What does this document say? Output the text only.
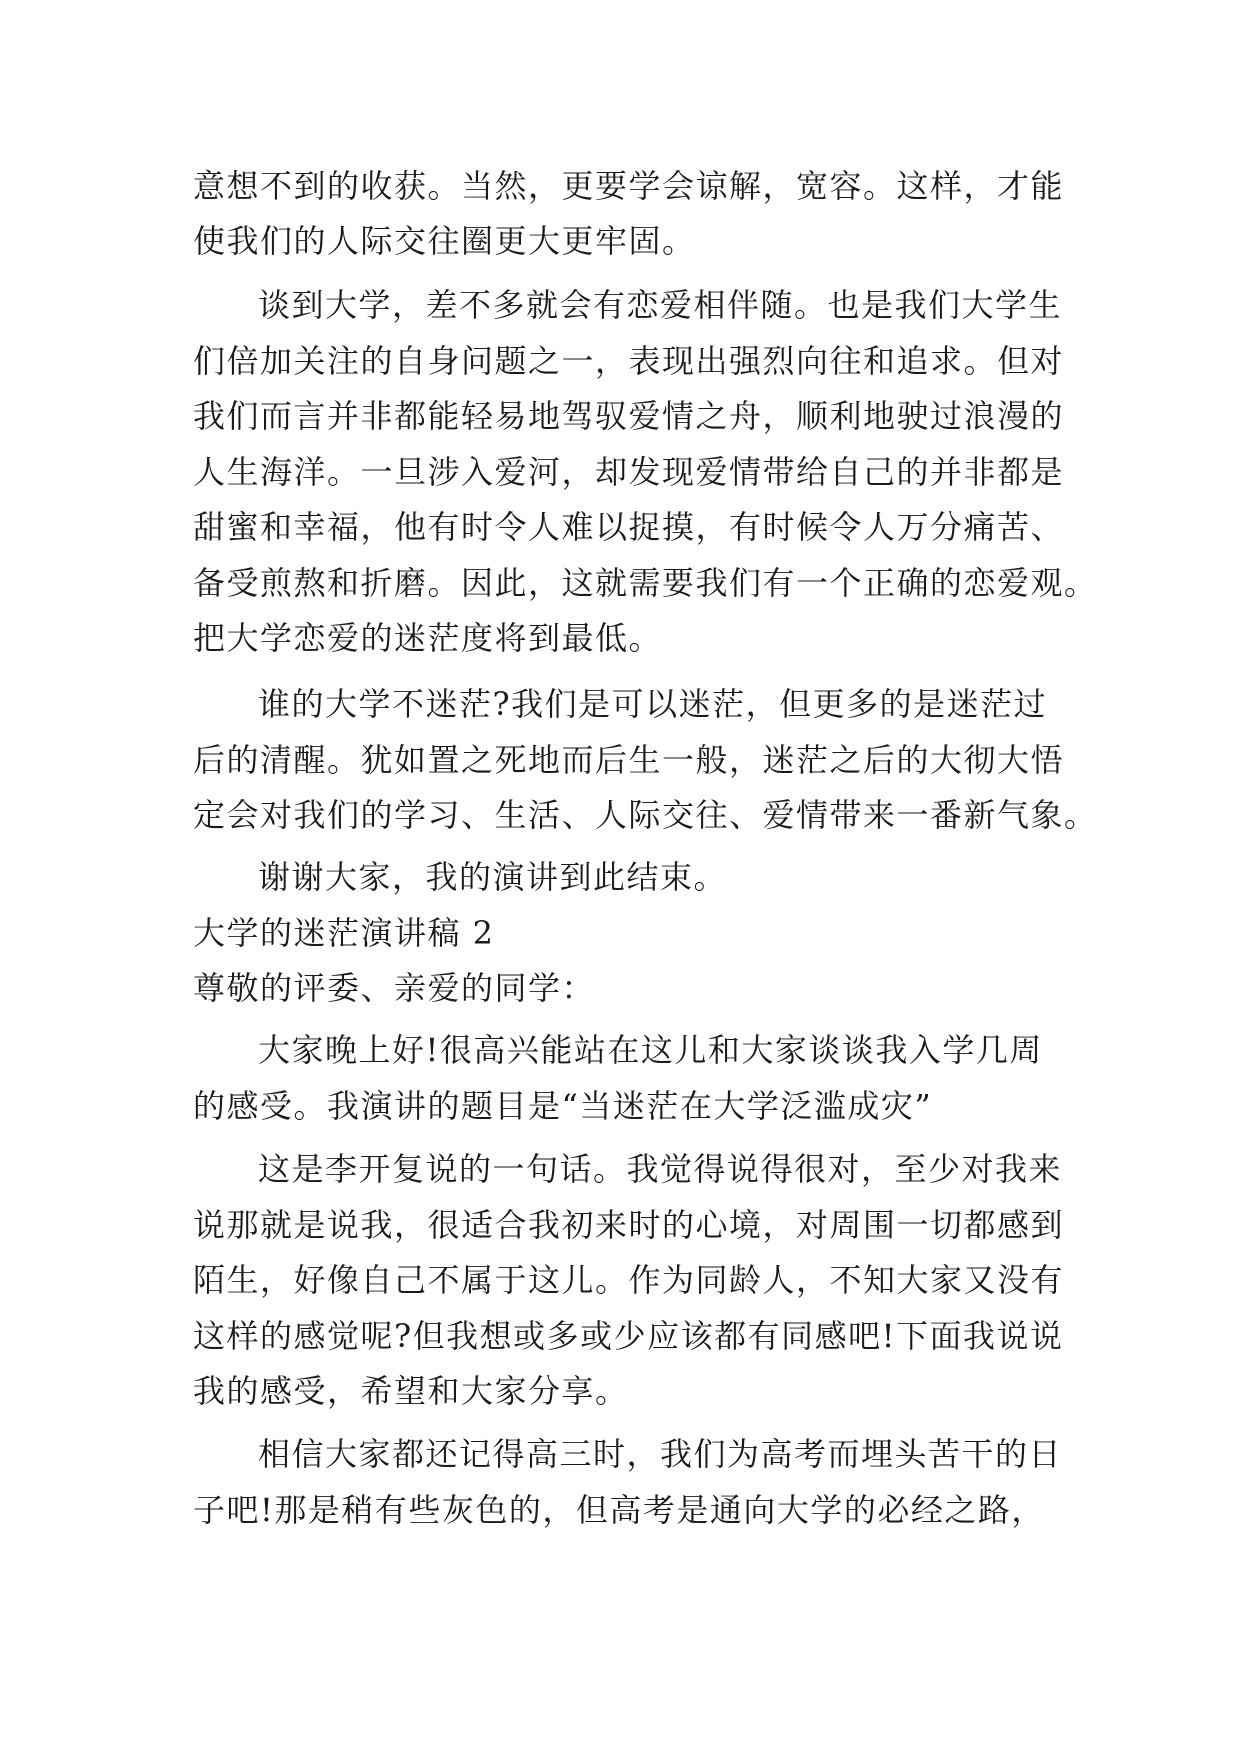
意想不到的收获。当然，更要学会谅解，宽容。这样，才能
使我们的人际交往圈更大更牢固。
谈到大学，差不多就会有恋爱相伴随。也是我们大学生
们倍加关注的自身问题之一，表现出强烈向往和追求。但对
我们而言并非都能轻易地驾驭爱情之舟，顺利地驶过浪漫的
人生海洋。一旦涉入爱河，却发现爱情带给自己的并非都是
甜蜜和幸福，他有时令人难以捉摸，有时候令人万分痛苦、
备受煎熬和折磨。因此，这就需要我们有一个正确的恋爱观。
把大学恋爱的迷茫度将到最低。
谁的大学不迷茫?我们是可以迷茫，但更多的是迷茫过
后的清醒。犹如置之死地而后生一般，迷茫之后的大彻大悟
定会对我们的学习、生活、人际交往、爱情带来一番新气象。
谢谢大家，我的演讲到此结束。
大学的迷茫演讲稿 2
尊敬的评委、亲爱的同学：
大家晚上好!很高兴能站在这儿和大家谈谈我入学几周
的感受。我演讲的题目是“当迷茫在大学泛滥成灾”
这是李开复说的一句话。我觉得说得很对，至少对我来
说那就是说我，很适合我初来时的心境，对周围一切都感到
陌生，好像自己不属于这儿。作为同龄人，不知大家又没有
这样的感觉呢?但我想或多或少应该都有同感吧!下面我说说
我的感受，希望和大家分享。
相信大家都还记得高三时，我们为高考而埋头苦干的日
子吧!那是稍有些灰色的，但高考是通向大学的必经之路，
